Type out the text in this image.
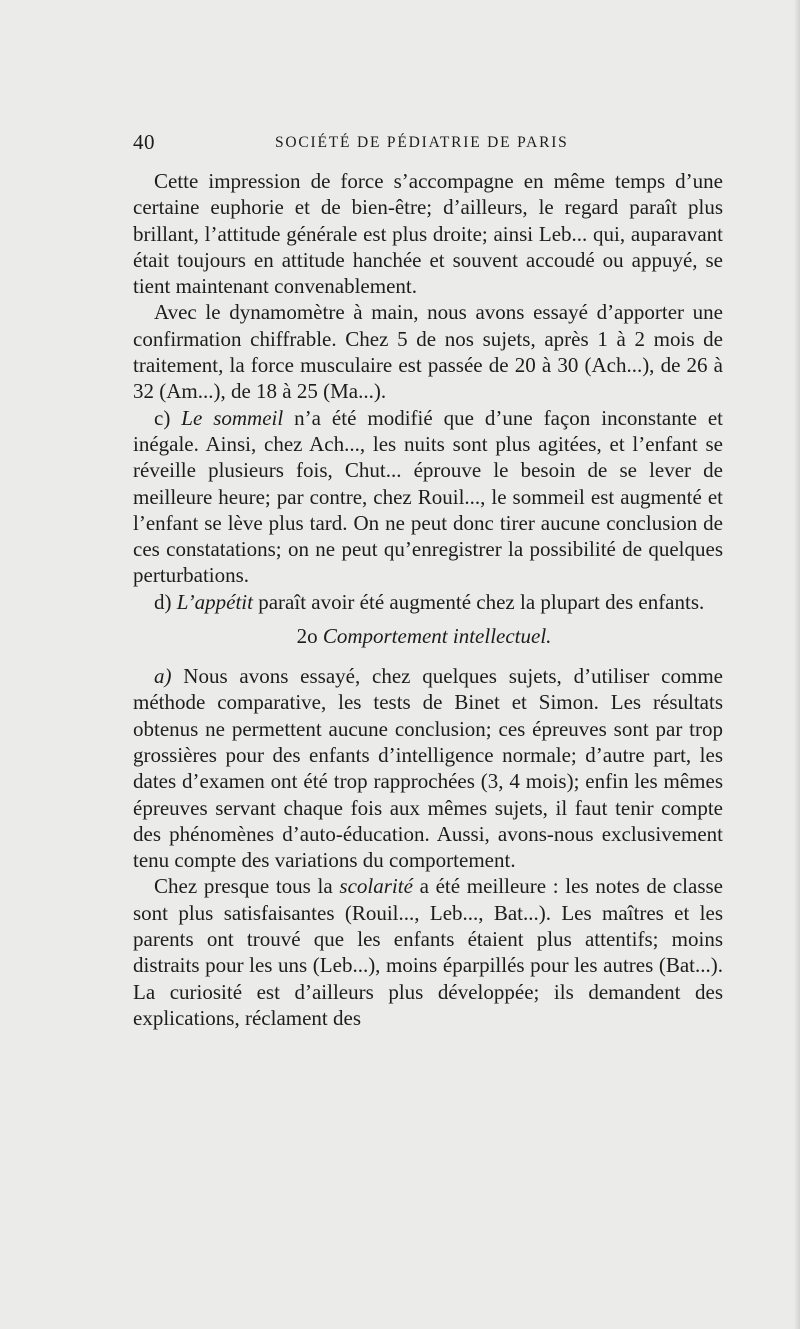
40	SOCIÉTÉ DE PÉDIATRIE DE PARIS

Cette impression de force s’accompagne en même temps d’une certaine euphorie et de bien-être; d’ailleurs, le regard paraît plus brillant, l’attitude générale est plus droite; ainsi Leb... qui, auparavant était toujours en attitude hanchée et souvent accoudé ou appuyé, se tient maintenant convenablement.

Avec le dynamomètre à main, nous avons essayé d’apporter une confirmation chiffrable. Chez 5 de nos sujets, après 1 à 2 mois de traitement, la force musculaire est passée de 20 à 30 (Ach...), de 26 à 32 (Am...), de 18 à 25 (Ma...).

c) Le sommeil n’a été modifié que d’une façon inconstante et inégale. Ainsi, chez Ach..., les nuits sont plus agitées, et l’enfant se réveille plusieurs fois, Chut... éprouve le besoin de se lever de meilleure heure; par contre, chez Rouil..., le sommeil est augmenté et l’enfant se lève plus tard. On ne peut donc tirer aucune conclusion de ces constatations; on ne peut qu’enregistrer la possibilité de quelques perturbations.

d) L’appétit paraît avoir été augmenté chez la plupart des enfants.

2o Comportement intellectuel.

a) Nous avons essayé, chez quelques sujets, d’utiliser comme méthode comparative, les tests de Binet et Simon. Les résultats obtenus ne permettent aucune conclusion; ces épreuves sont par trop grossières pour des enfants d’intelligence normale; d’autre part, les dates d’examen ont été trop rapprochées (3, 4 mois); enfin les mêmes épreuves servant chaque fois aux mêmes sujets, il faut tenir compte des phénomènes d’auto-éducation. Aussi, avons-nous exclusivement tenu compte des variations du comportement.

Chez presque tous la scolarité a été meilleure : les notes de classe sont plus satisfaisantes (Rouil..., Leb..., Bat...). Les maîtres et les parents ont trouvé que les enfants étaient plus attentifs; moins distraits pour les uns (Leb...), moins éparpillés pour les autres (Bat...). La curiosité est d’ailleurs plus développée; ils demandent des explications, réclament des
